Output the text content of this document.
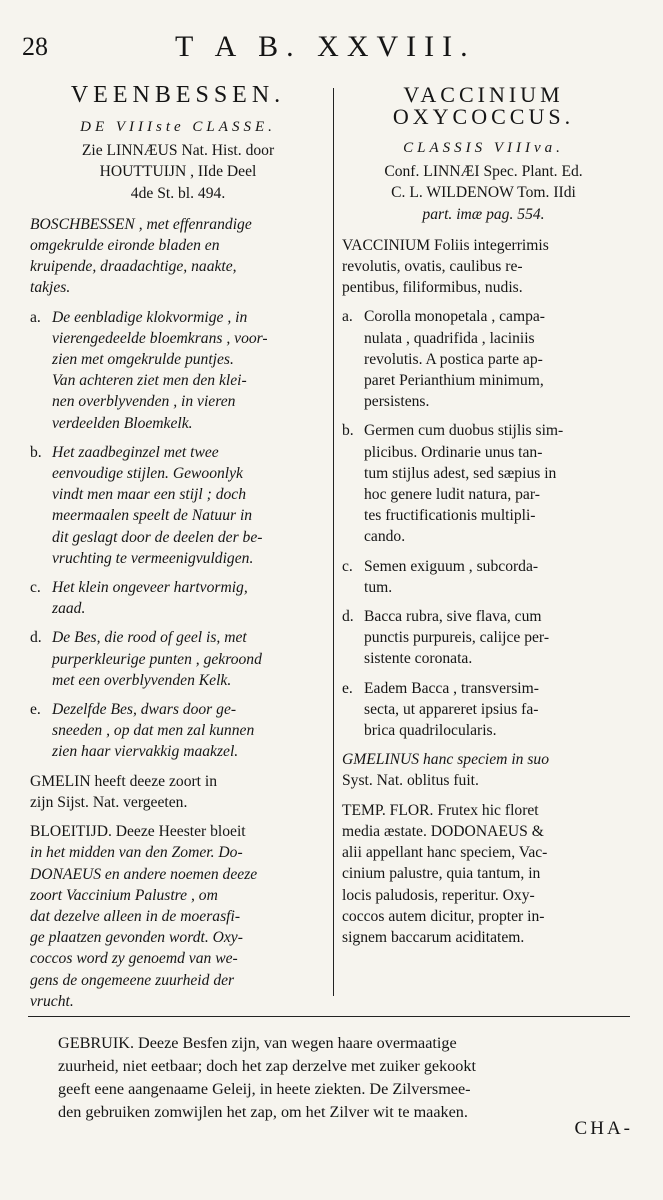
28	T A B. XXVIII.
VEENBESSEN.
DE VIIIste CLASSE.
Zie LINNÆUS Nat. Hist. door
HOUTTUIJN , IIde Deel
4de St. bl. 494.
BOSCHBESSEN , met effenrandige
omgekrulde eironde bladen en
kruipende, draadachtige, naakte,
takjes.
a. De eenbladige klokvormige , in
vierengedeelde bloemkrans , voor-
zien met omgekrulde puntjes.
Van achteren ziet men den klei-
nen overblyvenden , in vieren
verdeelden Bloemkelk.
b. Het zaadbeginzel met twee
eenvoudige stijlen. Gewoonlyk
vindt men maar een stijl ; doch
meermaalen speelt de Natuur in
dit geslagt door de deelen der be-
vruchting te vermeenigvuldigen.
c. Het klein ongeveer hartvormig,
zaad.
d. De Bes, die rood of geel is, met
purperkleurige punten , gekroond
met een overblyvenden Kelk.
e. Dezelfde Bes, dwars door ge-
sneeden , op dat men zal kunnen
zien haar viervakkig maakzel.
GMELIN heeft deeze zoort in
zijn Sijst. Nat. vergeeten.
BLOEITIJD. Deeze Heester bloeit
in het midden van den Zomer. Do-
DONAEUS en andere noemen deeze
zoort Vaccinium Palustre , om
dat dezelve alleen in de moerasfi-
ge plaatzen gevonden wordt. Oxy-
coccos word zy genoemd van we-
gens de ongemeene zuurheid der
vrucht.
VACCINIUM
OXYCOCCUS.
CLASSIS VIIIva.
Conf. LINNÆI Spec. Plant. Ed.
C. L. WILDENOW Tom. IIdi
part. imæ pag. 554.
VACCINIUM Foliis integerrimis
revolutis, ovatis, caulibus re-
pentibus, filiformibus, nudis.
a. Corolla monopetala , campa-
nulata , quadrifida , laciniis
revolutis. A postica parte ap-
paret Perianthium minimum,
persistens.
b. Germen cum duobus stijlis sim-
plicibus. Ordinarie unus tan-
tum stijlus adest, sed sæpius in
hoc genere ludit natura, par-
tes fructificationis multipli-
cando.
c. Semen exiguum , subcorda-
tum.
d. Bacca rubra, sive flava, cum
punctis purpureis, calijce per-
sistente coronata.
e. Eadem Bacca , transversim-
secta, ut appareret ipsius fa-
brica quadrilocularis.
GMELINUS hanc speciem in suo
Syst. Nat. oblitus fuit.
TEMP. FLOR. Frutex hic floret
media æstate. DODONAEUS &
alii appellant hanc speciem, Vac-
cinium palustre, quia tantum, in
locis paludosis, reperitur. Oxy-
coccos autem dicitur, propter in-
signem baccarum aciditatem.
GEBRUIK. Deeze Besfen zijn, van wegen haare overmaatige
zuurheid, niet eetbaar; doch het zap derzelve met zuiker gekookt
geeft eene aangenaame Geleij, in heete ziekten. De Zilversmee-
den gebruiken zomwijlen het zap, om het Zilver wit te maaken.
CHA-
